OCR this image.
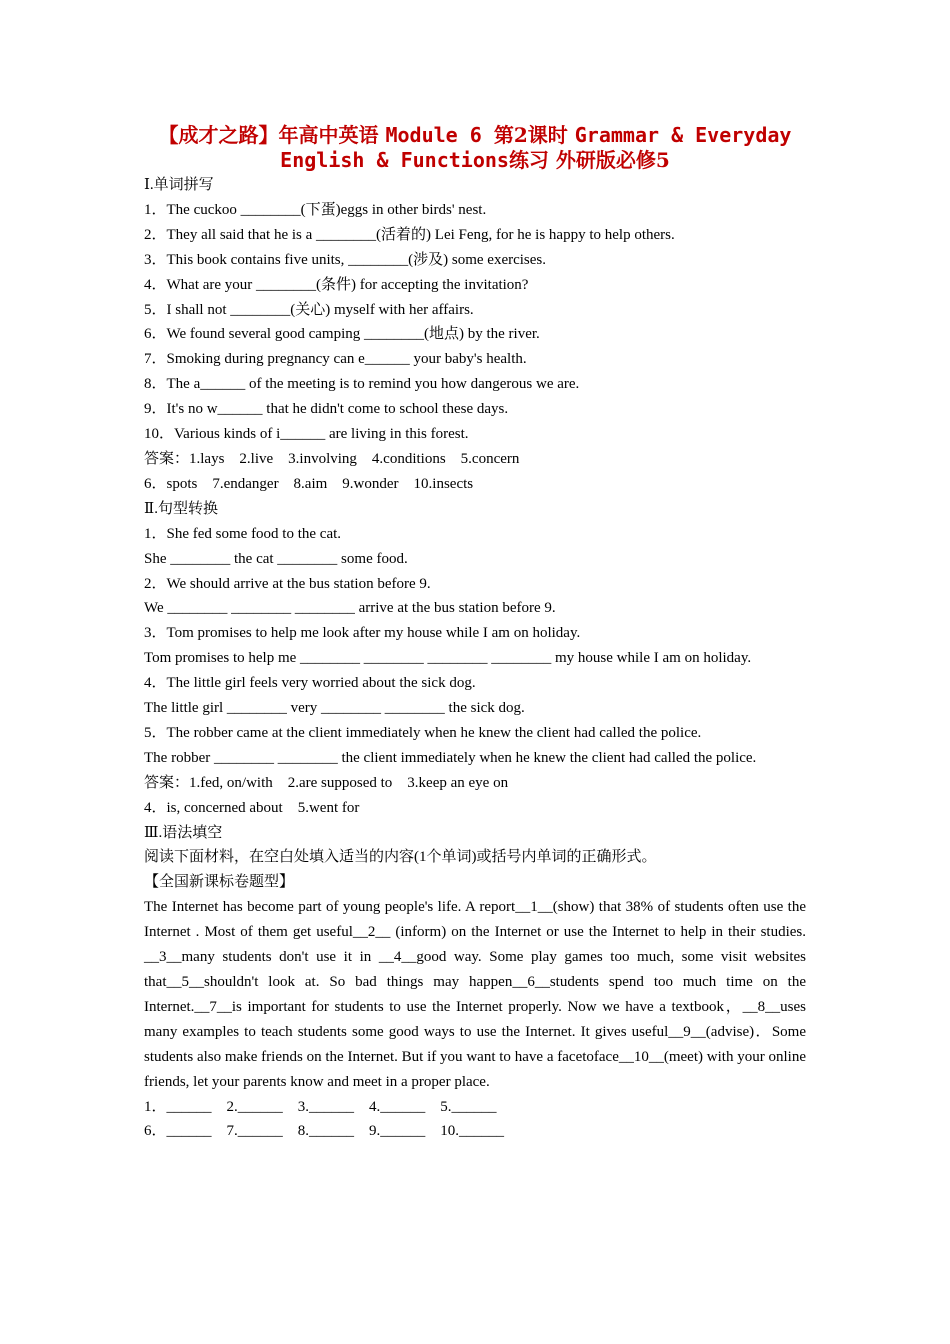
【成才之路】年高中英语 Module 6 第2课时 Grammar & Everyday
English & Functions练习 外研版必修5
Ⅰ.单词拼写
1．The cuckoo ________(下蛋)eggs in other birds' nest.
2．They all said that he is a ________(活着的) Lei Feng, for he is happy to help others.
3．This book contains five units, ________(涉及) some exercises.
4．What are your ________(条件) for accepting the invitation?
5．I shall not ________(关心) myself with her affairs.
6．We found several good camping ________(地点) by the river.
7．Smoking during pregnancy can e______ your baby's health.
8．The a______ of the meeting is to remind you how dangerous we are.
9．It's no w______ that he didn't come to school these days.
10．Various kinds of i______ are living in this forest.
答案：1.lays    2.live    3.involving    4.conditions    5.concern
6．spots    7.endanger    8.aim    9.wonder    10.insects
Ⅱ.句型转换
1．She fed some food to the cat.
She ________ the cat ________ some food.
2．We should arrive at the bus station before 9.
We ________ ________ ________ arrive at the bus station before 9.
3．Tom promises to help me look after my house while I am on holiday.
Tom promises to help me ________ ________ ________ ________ my house while I am on holiday.
4．The little girl feels very worried about the sick dog.
The little girl ________ very ________ ________ the sick dog.
5．The robber came at the client immediately when he knew the client had called the police.
The robber ________ ________ the client immediately when he knew the client had called the police.
答案：1.fed, on/with    2.are supposed to    3.keep an eye on
4．is, concerned about    5.went for
Ⅲ.语法填空
阅读下面材料，在空白处填入适当的内容(1个单词)或括号内单词的正确形式。
【全国新课标卷题型】
The Internet has become part of young people's life. A report__1__(show) that 38% of students often use the Internet . Most of them get useful__2__ (inform) on the Internet or use the Internet to help in their studies. __3__many students don't use it in __4__good way. Some play games too much, some visit websites that__5__shouldn't look at. So bad things may happen__6__students spend too much time on the Internet.__7__is important for students to use the Internet properly. Now we have a textbook，__8__uses many examples to teach students some good ways to use the Internet. It gives useful__9__(advise)．Some students also make friends on the Internet. But if you want to have a facetoface__10__(meet) with your online friends, let your parents know and meet in a proper place.
1．______    2.______    3.______    4.______    5.______
6．______    7.______    8.______    9.______    10.______
